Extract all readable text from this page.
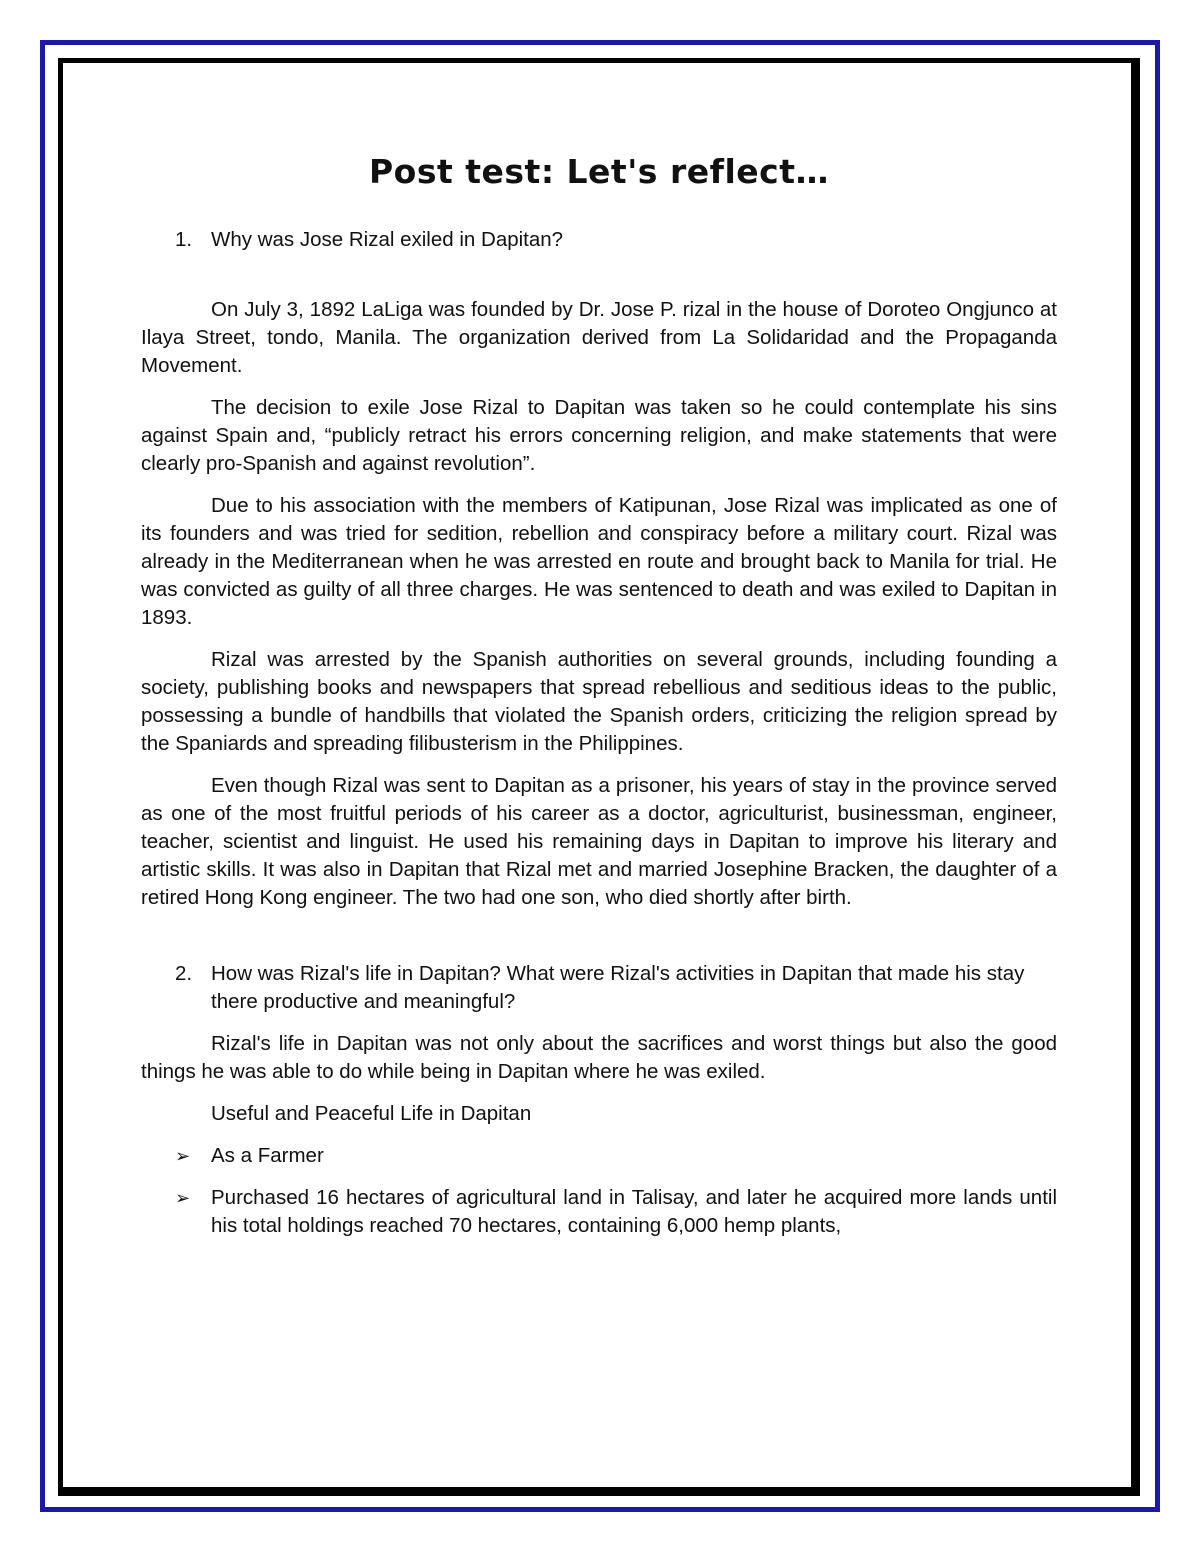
Post test: Let's reflect…
1. Why was Jose Rizal exiled in Dapitan?

On July 3, 1892 LaLiga was founded by Dr. Jose P. rizal in the house of Doroteo Ongjunco at Ilaya Street, tondo, Manila. The organization derived from La Solidaridad and the Propaganda Movement.

The decision to exile Jose Rizal to Dapitan was taken so he could contemplate his sins against Spain and, “publicly retract his errors concerning religion, and make statements that were clearly pro-Spanish and against revolution”.

Due to his association with the members of Katipunan, Jose Rizal was implicated as one of its founders and was tried for sedition, rebellion and conspiracy before a military court. Rizal was already in the Mediterranean when he was arrested en route and brought back to Manila for trial. He was convicted as guilty of all three charges. He was sentenced to death and was exiled to Dapitan in 1893.

Rizal was arrested by the Spanish authorities on several grounds, including founding a society, publishing books and newspapers that spread rebellious and seditious ideas to the public, possessing a bundle of handbills that violated the Spanish orders, criticizing the religion spread by the Spaniards and spreading filibusterism in the Philippines.

Even though Rizal was sent to Dapitan as a prisoner, his years of stay in the province served as one of the most fruitful periods of his career as a doctor, agriculturist, businessman, engineer, teacher, scientist and linguist. He used his remaining days in Dapitan to improve his literary and artistic skills. It was also in Dapitan that Rizal met and married Josephine Bracken, the daughter of a retired Hong Kong engineer. The two had one son, who died shortly after birth.

2. How was Rizal's life in Dapitan? What were Rizal's activities in Dapitan that made his stay there productive and meaningful?

Rizal's life in Dapitan was not only about the sacrifices and worst things but also the good things he was able to do while being in Dapitan where he was exiled.

Useful and Peaceful Life in Dapitan

➢ As a Farmer
➢ Purchased 16 hectares of agricultural land in Talisay, and later he acquired more lands until his total holdings reached 70 hectares, containing 6,000 hemp plants,
